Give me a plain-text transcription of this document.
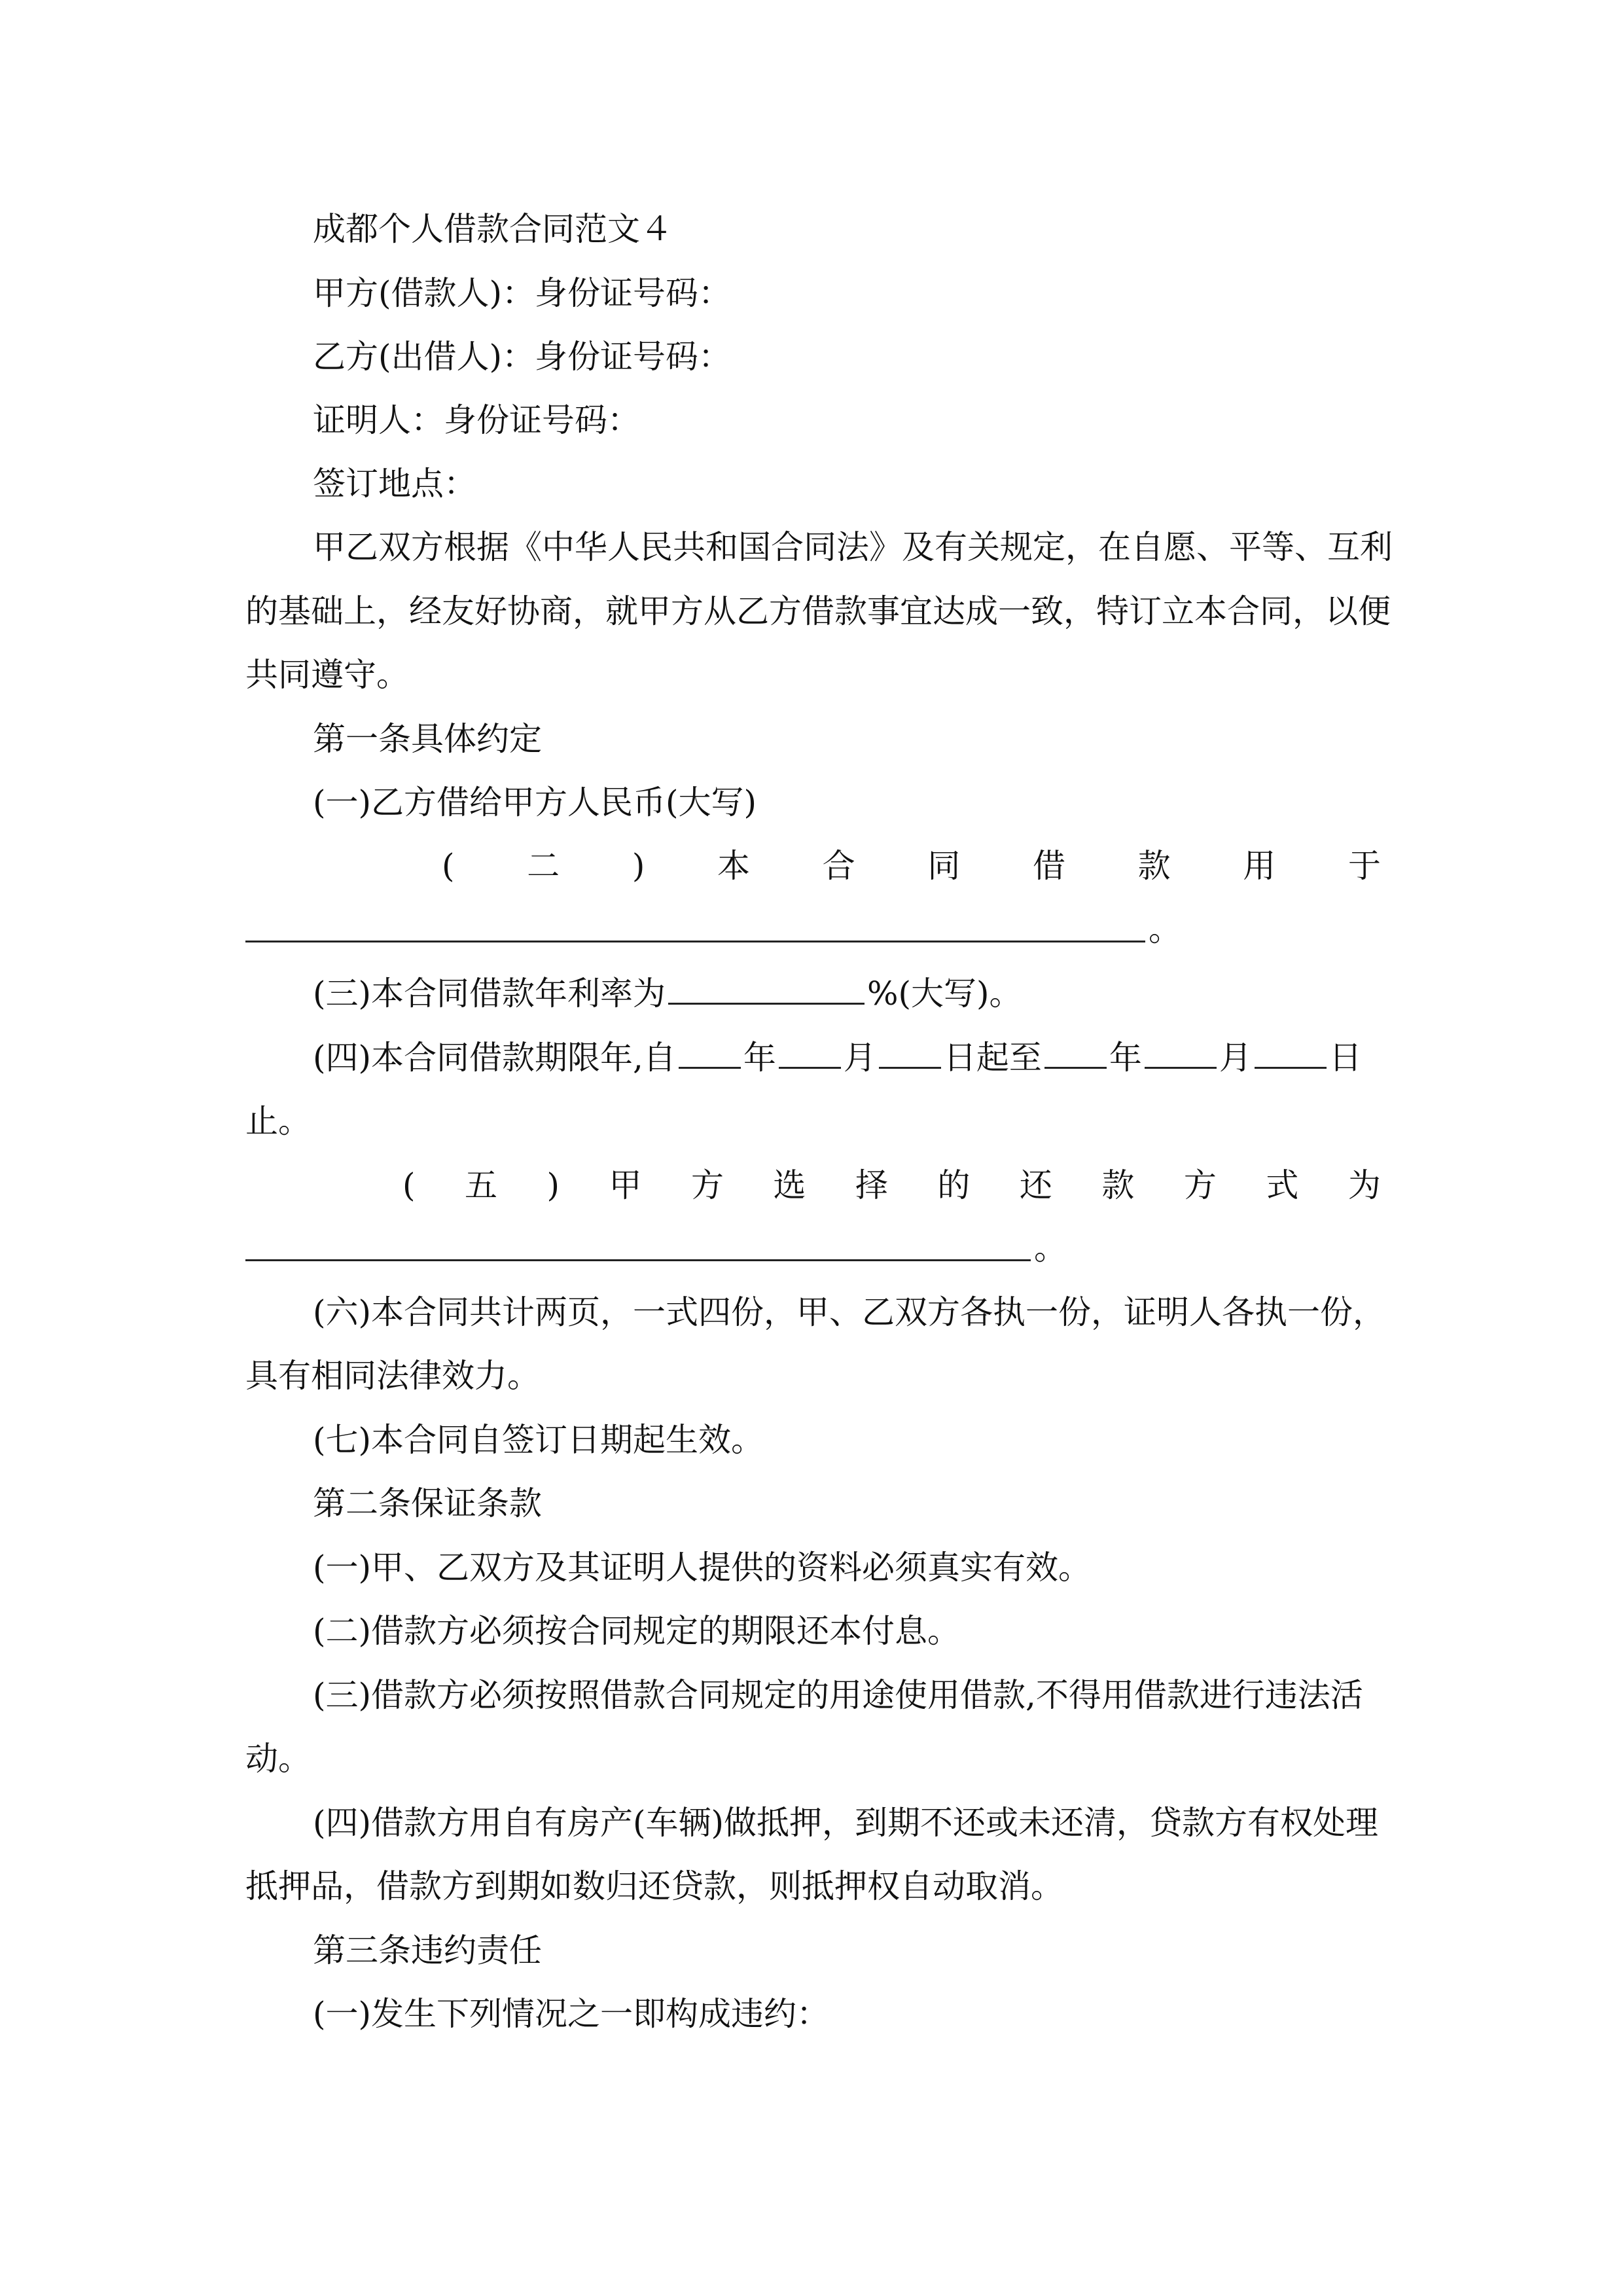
成都个人借款合同范文４
甲方(借款人)：身份证号码：
乙方(出借人)：身份证号码：
证明人：身份证号码：
签订地点：
甲乙双方根据《中华人民共和国合同法》及有关规定，在自愿、平等、互利
的基础上，经友好协商，就甲方从乙方借款事宜达成一致，特订立本合同，以便
共同遵守。
第一条具体约定
(一)乙方借给甲方人民币(大写)
( 二 ) 本 合 同 借 款 用 于
。
(三)本合同借款年利率为	%(大写)。
(四)本合同借款期限年,自 年 月 日起至 年 月 日
止。
( 五 ) 甲 方 选 择 的 还 款 方 式 为
。
(六)本合同共计两页，一式四份，甲、乙双方各执一份，证明人各执一份，
具有相同法律效力。
(七)本合同自签订日期起生效。
第二条保证条款
(一)甲、乙双方及其证明人提供的资料必须真实有效。
(二)借款方必须按合同规定的期限还本付息。
(三)借款方必须按照借款合同规定的用途使用借款,不得用借款进行违法活
动。
(四)借款方用自有房产(车辆)做抵押，到期不还或未还清，贷款方有权处理
抵押品，借款方到期如数归还贷款，则抵押权自动取消。
第三条违约责任
(一)发生下列情况之一即构成违约：
